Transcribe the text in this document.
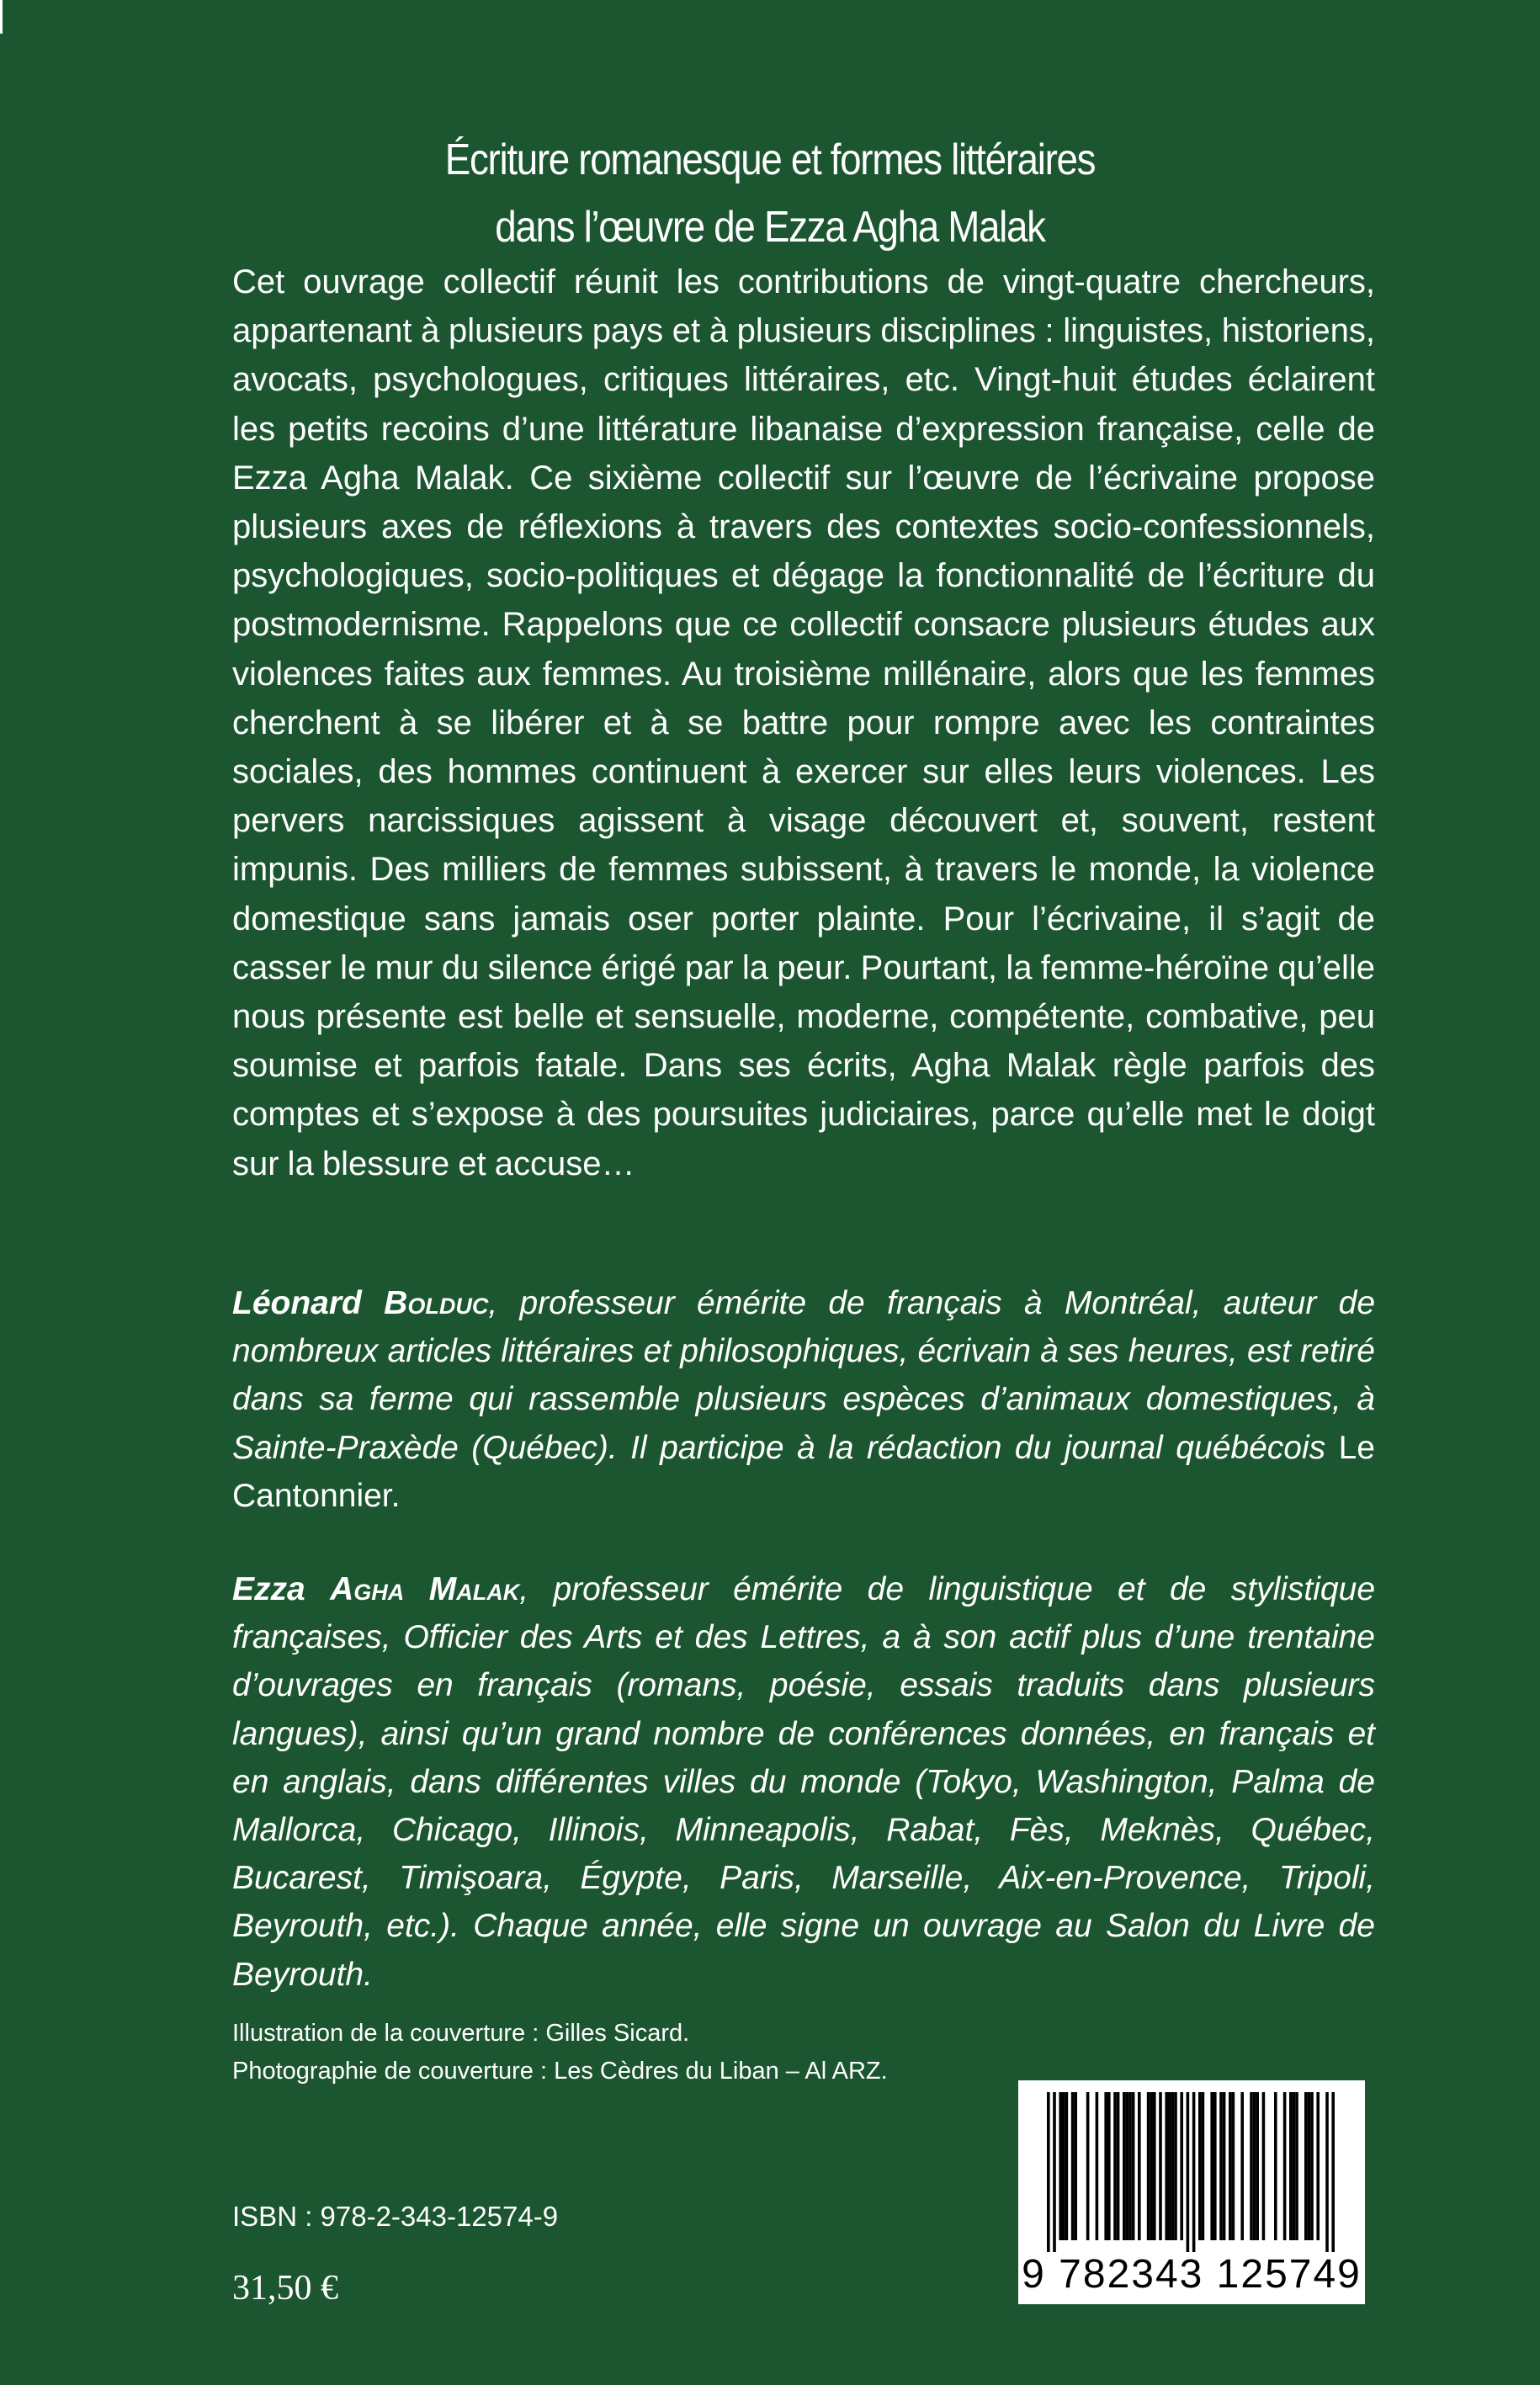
Écriture romanesque et formes littéraires
dans l’œuvre de Ezza Agha Malak
Cet ouvrage collectif réunit les contributions de vingt-quatre chercheurs, appartenant à plusieurs pays et à plusieurs disciplines : linguistes, historiens, avocats, psychologues, critiques littéraires, etc. Vingt-huit études éclairent les petits recoins d’une littérature libanaise d’expression française, celle de Ezza Agha Malak. Ce sixième collectif sur l’œuvre de l’écrivaine propose plusieurs axes de réflexions à travers des contextes socio-confessionnels, psychologiques, socio-politiques et dégage la fonctionnalité de l’écriture du postmodernisme. Rappelons que ce collectif consacre plusieurs études aux violences faites aux femmes. Au troisième millénaire, alors que les femmes cherchent à se libérer et à se battre pour rompre avec les contraintes sociales, des hommes continuent à exercer sur elles leurs violences. Les pervers narcissiques agissent à visage découvert et, souvent, restent impunis. Des milliers de femmes subissent, à travers le monde, la violence domestique sans jamais oser porter plainte. Pour l’écrivaine, il s’agit de casser le mur du silence érigé par la peur. Pourtant, la femme-héroïne qu’elle nous présente est belle et sensuelle, moderne, compétente, combative, peu soumise et parfois fatale. Dans ses écrits, Agha Malak règle parfois des comptes et s’expose à des poursuites judiciaires, parce qu’elle met le doigt sur la blessure et accuse…
Léonard Bolduc, professeur émérite de français à Montréal, auteur de nombreux articles littéraires et philosophiques, écrivain à ses heures, est retiré dans sa ferme qui rassemble plusieurs espèces d’animaux domestiques, à Sainte-Praxède (Québec). Il participe à la rédaction du journal québécois Le Cantonnier.
Ezza Agha Malak, professeur émérite de linguistique et de stylistique françaises, Officier des Arts et des Lettres, a à son actif plus d’une trentaine d’ouvrages en français (romans, poésie, essais traduits dans plusieurs langues), ainsi qu’un grand nombre de conférences données, en français et en anglais, dans différentes villes du monde (Tokyo, Washington, Palma de Mallorca, Chicago, Illinois, Minneapolis, Rabat, Fès, Meknès, Québec, Bucarest, Timişoara, Égypte, Paris, Marseille, Aix-en-Provence, Tripoli, Beyrouth, etc.). Chaque année, elle signe un ouvrage au Salon du Livre de Beyrouth.
Illustration de la couverture : Gilles Sicard.
Photographie de couverture : Les Cèdres du Liban – Al ARZ.
ISBN : 978-2-343-12574-9
31,50 €	9 782343 125749
